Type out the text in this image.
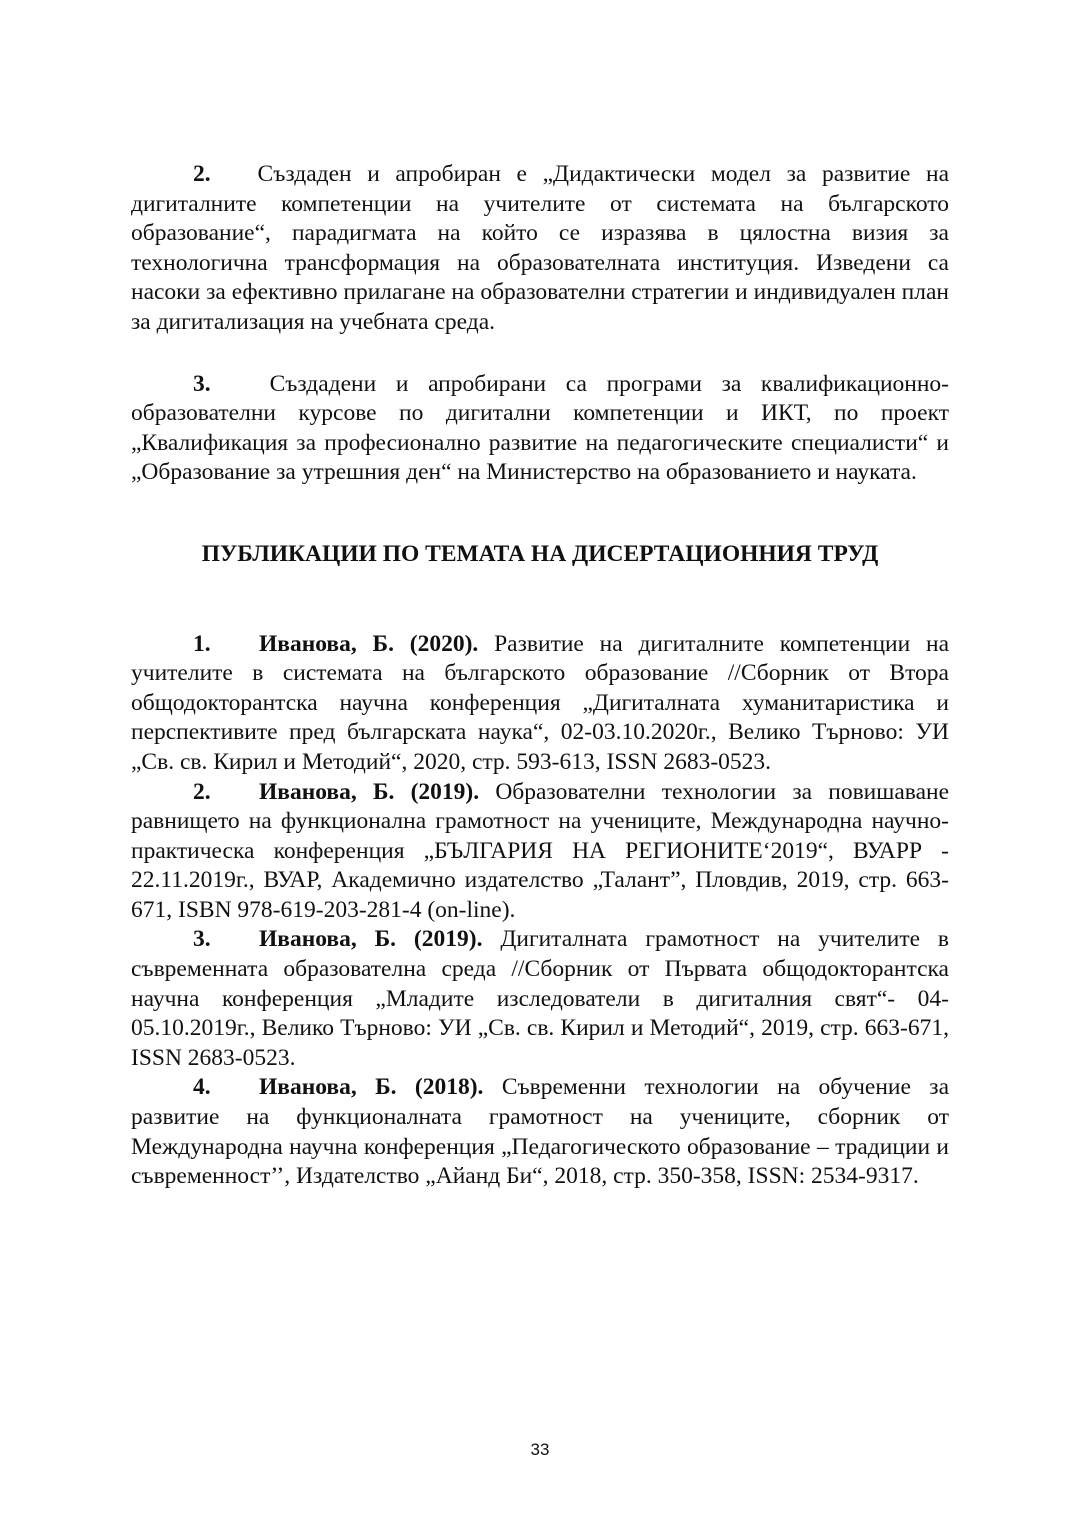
2. Създаден и апробиран е „Дидактически модел за развитие на дигиталните компетенции на учителите от системата на българското образование“, парадигмата на който се изразява в цялостна визия за технологична трансформация на образователната институция. Изведени са насоки за ефективно прилагане на образователни стратегии и индивидуален план за дигитализация на учебната среда.

3.	Създадени и апробирани са програми за квалификационно-образователни курсове по дигитални компетенции и ИКТ, по проект „Квалификация за професионално развитие на педагогическите специалисти“ и „Образование за утрешния ден“ на Министерство на образованието и науката.

ПУБЛИКАЦИИ ПО ТЕМАТА НА ДИСЕРТАЦИОННИЯ ТРУД

1. Иванова, Б. (2020). Развитие на дигиталните компетенции на учителите в системата на българското образование //Сборник от Втора общодокторантска научна конференция „Дигиталната хуманитаристика и перспективите пред българската наука“, 02-03.10.2020г., Велико Търново: УИ „Св. св. Кирил и Методий“, 2020, стр. 593-613, ISSN 2683-0523.

2. Иванова, Б. (2019). Образователни технологии за повишаване равнището на функционална грамотност на учениците, Международна научно-практическа конференция „БЪЛГАРИЯ НА РЕГИОНИТЕ‘2019“, ВУАРР - 22.11.2019г., ВУАР, Академично издателство „Талант”, Пловдив, 2019, стр. 663-671, ISBN 978-619-203-281-4 (on-line).

3. Иванова, Б. (2019). Дигиталната грамотност на учителите в съвременната образователна среда //Сборник от Първата общодокторантска научна конференция „Младите изследователи в дигиталния свят“- 04-05.10.2019г., Велико Търново: УИ „Св. св. Кирил и Методий“, 2019, стр. 663-671, ISSN 2683-0523.

4. Иванова, Б. (2018). Съвременни технологии на обучение за развитие на функционалната грамотност на учениците, сборник от Международна научна конференция „Педагогическото образование – традиции и съвременност’’, Издателство „Айанд Би“, 2018, стр. 350-358, ISSN: 2534-9317.

33
